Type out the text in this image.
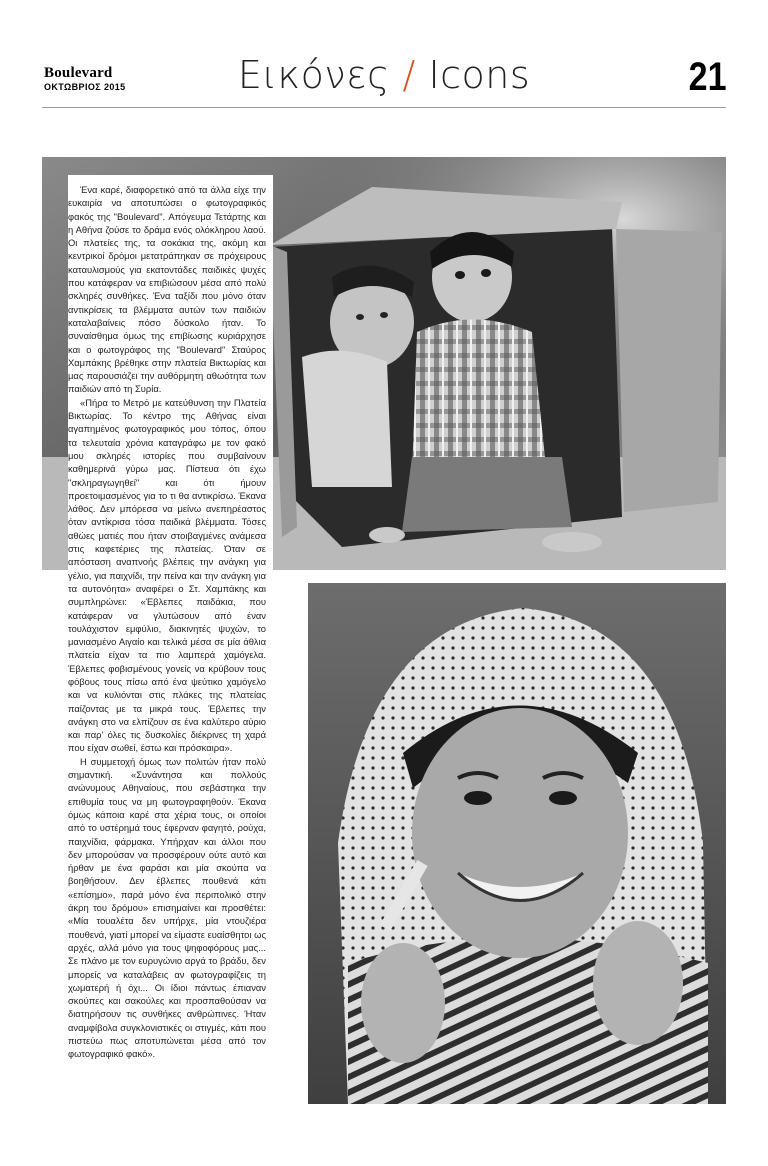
Boulevard
ΟΚΤΩΒΡΙΟΣ 2015	Εικόνες / Icons	21

Ένα καρέ, διαφορετικό από τα άλλα είχε την ευκαιρία να αποτυπώσει ο φωτογραφικός φακός της "Boulevard". Απόγευμα Τετάρτης και η Αθήνα ζούσε το δράμα ενός ολόκληρου λαού. Οι πλατείες της, τα σοκάκια της, ακόμη και κεντρικοί δρόμοι μετατράπηκαν σε πρόχειρους καταυλισμούς για εκατοντάδες παιδικές ψυχές που κατάφεραν να επιβιώσουν μέσα από πολύ σκληρές συνθήκες. Ένα ταξίδι που μόνο όταν αντικρίσεις τα βλέμματα αυτών των παιδιών καταλαβαίνεις πόσο δύσκολο ήταν. Το συναίσθημα όμως της επιβίωσης κυριάρχησε και ο φωτογράφος της "Boulevard" Σταύρος Χαμπάκης βρέθηκε στην πλατεία Βικτωρίας και μας παρουσιάζει την αυθόρμητη αθωότητα των παιδιών από τη Συρία.

«Πήρα το Μετρό με κατεύθυνση την Πλατεία Βικτωρίας. Το κέντρο της Αθήνας είναι αγαπημένος φωτογραφικός μου τόπος, όπου τα τελευταία χρόνια καταγράφω με τον φακό μου σκληρές ιστορίες που συμβαίνουν καθημερινά γύρω μας. Πίστευα ότι έχω "σκληραγωγηθεί" και ότι ήμουν προετοιμασμένος για το τι θα αντικρίσω. Έκανα λάθος. Δεν μπόρεσα να μείνω ανεπηρέαστος όταν αντίκρισα τόσα παιδικά βλέμματα. Τόσες αθώες ματιές που ήταν στοιβαγμένες ανάμεσα στις καφετέριες της πλατείας. Όταν σε απόσταση αναπνοής βλέπεις την ανάγκη για γέλιο, για παιχνίδι, την πείνα και την ανάγκη για τα αυτονόητα» αναφέρει ο Στ. Χαμπάκης και συμπληρώνει: «Έβλεπες παιδάκια, που κατάφεραν να γλυτώσουν από έναν τουλάχιστον εμφύλιο, διακινητές ψυχών, το μανιασμένο Αιγαίο και τελικά μέσα σε μία άθλια πλατεία είχαν τα πιο λαμπερά χαμόγελα. Έβλεπες φοβισμένους γονείς να κρύβουν τους φόβους τους πίσω από ένα ψεύτικο χαμόγελο και να κυλιόνται στις πλάκες της πλατείας παίζοντας με τα μικρά τους. Έβλεπες την ανάγκη στο να ελπίζουν σε ένα καλύτερο αύριο και παρ' όλες τις δυσκολίες διέκρινες τη χαρά που είχαν σωθεί, έστω και πρόσκαιρα».

Η συμμετοχή όμως των πολιτών ήταν πολύ σημαντική. «Συνάντησα και πολλούς ανώνυμους Αθηναίους, που σεβάστηκα την επιθυμία τους να μη φωτογραφηθούν. Έκανα όμως κάποια καρέ στα χέρια τους, οι οποίοι από το υστέρημά τους έφερναν φαγητό, ρούχα, παιχνίδια, φάρμακα. Υπήρχαν και άλλοι που δεν μπορούσαν να προσφέρουν ούτε αυτό και ήρθαν με ένα φαράσι και μία σκούπα να βοηθήσουν. Δεν έβλεπες πουθενά κάτι «επίσημο», παρά μόνο ένα περιπολικό στην άκρη του δρόμου» επισημαίνει και προσθέτει: «Μία τουαλέτα δεν υπήρχε, μία ντουζιέρα πουθενά, γιατί μπορεί να είμαστε ευαίσθητοι ως αρχές, αλλά μόνο για τους ψηφοφόρους μας... Σε πλάνο με τον ευρυγώνιο αργά το βράδυ, δεν μπορείς να καταλάβεις αν φωτογραφίζεις τη χωματερή ή όχι... Οι ίδιοι πάντως έπιαναν σκούπες και σακούλες και προσπαθούσαν να διατηρήσουν τις συνθήκες ανθρώπινες. Ήταν αναμφίβολα συγκλονιστικές οι στιγμές, κάτι που πιστεύω πως αποτυπώνεται μέσα από τον φωτογραφικό φακό».
